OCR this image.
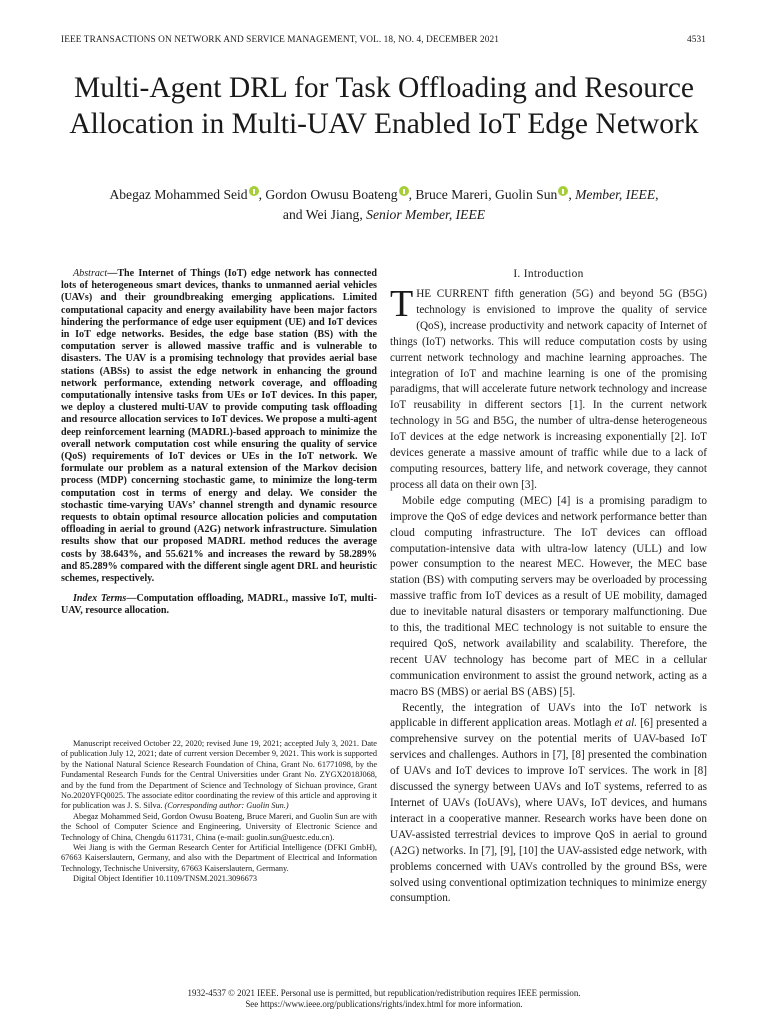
IEEE TRANSACTIONS ON NETWORK AND SERVICE MANAGEMENT, VOL. 18, NO. 4, DECEMBER 2021	4531
Multi-Agent DRL for Task Offloading and Resource Allocation in Multi-UAV Enabled IoT Edge Network
Abegaz Mohammed Seid , Gordon Owusu Boateng , Bruce Mareri, Guolin Sun , Member, IEEE,
and Wei Jiang, Senior Member, IEEE

Abstract—The Internet of Things (IoT) edge network has connected lots of heterogeneous smart devices, thanks to unmanned aerial vehicles (UAVs) and their groundbreaking emerging applications. Limited computational capacity and energy availability have been major factors hindering the performance of edge user equipment (UE) and IoT devices in IoT edge networks. Besides, the edge base station (BS) with the computation server is allowed massive traffic and is vulnerable to disasters. The UAV is a promising technology that provides aerial base stations (ABSs) to assist the edge network in enhancing the ground network performance, extending network coverage, and offloading computationally intensive tasks from UEs or IoT devices. In this paper, we deploy a clustered multi-UAV to provide computing task offloading and resource allocation services to IoT devices. We propose a multi-agent deep reinforcement learning (MADRL)-based approach to minimize the overall network computation cost while ensuring the quality of service (QoS) requirements of IoT devices or UEs in the IoT network. We formulate our problem as a natural extension of the Markov decision process (MDP) concerning stochastic game, to minimize the long-term computation cost in terms of energy and delay. We consider the stochastic time-varying UAVs’ channel strength and dynamic resource requests to obtain optimal resource allocation policies and computation offloading in aerial to ground (A2G) network infrastructure. Simulation results show that our proposed MADRL method reduces the average costs by 38.643%, and 55.621% and increases the reward by 58.289% and 85.289% compared with the different single agent DRL and heuristic schemes, respectively.

Index Terms—Computation offloading, MADRL, massive IoT, multi-UAV, resource allocation.

Manuscript received October 22, 2020; revised June 19, 2021; accepted July 3, 2021. Date of publication July 12, 2021; date of current version December 9, 2021. This work is supported by the National Natural Science Research Foundation of China, Grant No. 61771098, by the Fundamental Research Funds for the Central Universities under Grant No. ZYGX2018J068, and by the fund from the Department of Science and Technology of Sichuan province, Grant No.2020YFQ0025. The associate editor coordinating the review of this article and approving it for publication was J. S. Silva. (Corresponding author: Guolin Sun.)

Abegaz Mohammed Seid, Gordon Owusu Boateng, Bruce Mareri, and Guolin Sun are with the School of Computer Science and Engineering, University of Electronic Science and Technology of China, Chengdu 611731, China (e-mail: guolin.sun@uestc.edu.cn).

Wei Jiang is with the German Research Center for Artificial Intelligence (DFKI GmbH), 67663 Kaiserslautern, Germany, and also with the Department of Electrical and Information Technology, Technische University, 67663 Kaiserslautern, Germany.

Digital Object Identifier 10.1109/TNSM.2021.3096673

I. Introduction

THE CURRENT fifth generation (5G) and beyond 5G (B5G) technology is envisioned to improve the quality of service (QoS), increase productivity and network capacity of Internet of things (IoT) networks. This will reduce computation costs by using current network technology and machine learning approaches. The integration of IoT and machine learning is one of the promising paradigms, that will accelerate future network technology and increase IoT reusability in different sectors [1]. In the current network technology in 5G and B5G, the number of ultra-dense heterogeneous IoT devices at the edge network is increasing exponentially [2]. IoT devices generate a massive amount of traffic while due to a lack of computing resources, battery life, and network coverage, they cannot process all data on their own [3].

Mobile edge computing (MEC) [4] is a promising paradigm to improve the QoS of edge devices and network performance better than cloud computing infrastructure. The IoT devices can offload computation-intensive data with ultra-low latency (ULL) and low power consumption to the nearest MEC. However, the MEC base station (BS) with computing servers may be overloaded by processing massive traffic from IoT devices as a result of UE mobility, damaged due to inevitable natural disasters or temporary malfunctioning. Due to this, the traditional MEC technology is not suitable to ensure the required QoS, network availability and scalability. Therefore, the recent UAV technology has become part of MEC in a cellular communication environment to assist the ground network, acting as a macro BS (MBS) or aerial BS (ABS) [5].

Recently, the integration of UAVs into the IoT network is applicable in different application areas. Motlagh et al. [6] presented a comprehensive survey on the potential merits of UAV-based IoT services and challenges. Authors in [7], [8] presented the combination of UAVs and IoT devices to improve IoT services. The work in [8] discussed the synergy between UAVs and IoT systems, referred to as Internet of UAVs (IoUAVs), where UAVs, IoT devices, and humans interact in a cooperative manner. Research works have been done on UAV-assisted terrestrial devices to improve QoS in aerial to ground (A2G) networks. In [7], [9], [10] the UAV-assisted edge network, with problems concerned with UAVs controlled by the ground BSs, were solved using conventional optimization techniques to minimize energy consumption.

1932-4537 © 2021 IEEE. Personal use is permitted, but republication/redistribution requires IEEE permission.
See https://www.ieee.org/publications/rights/index.html for more information.
